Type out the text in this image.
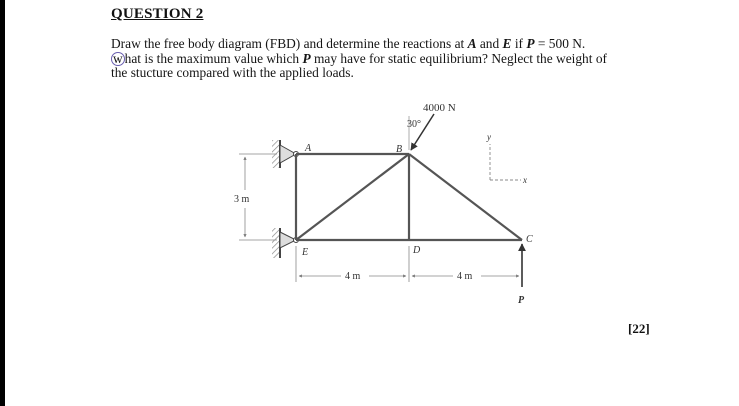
QUESTION 2
Draw the free body diagram (FBD) and determine the reactions at A and E if P = 500 N.
w hat is the maximum value which P may have for static equilibrium? Neglect the weight of
the stucture compared with the applied loads.
4000 N
30°
A	B
C
D
E
3 m
4 m	4 m
P
y
x
[22]
